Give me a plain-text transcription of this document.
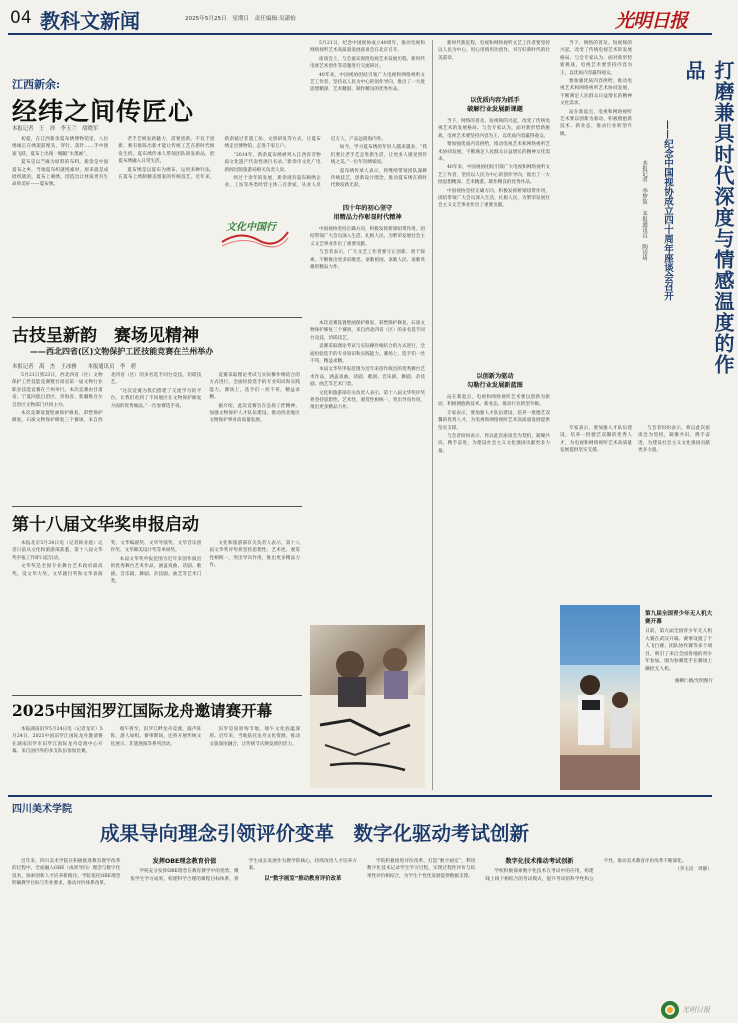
04 教科文新闻	2025年5月25日　星期日　责任编辑:吴潇怡	光明日报
江西新余:
经纬之间传匠心
本报记者　王　沛　李玉兰　胡晓军

初夏，在江西新余夏布绣博物馆里，八位绣娘正在绣架前埋头，穿针、落针……手中图案飞跃，夏布上出现一幅幅“水墨画”。

夏布是以苎麻为原料的布料。新余是中国夏布之乡，当地夏布织就纯素时，原来就是成批织就的，夏布上刺绣，创造出让材质更有生命的美好——夏布绣。

老手艺焕发新魅力，需要创新。不仅于创新，唯有推陈出新才能让传统工艺在新时代焕发生机。夏布绣传承人带领团队研发新品，把夏布绣融入日常生活。

夏布绣是以夏布为绣布，运用多种针法，在夏布上绣制精美图案的传统技艺。近年来，新余通过非遗工坊、文创研发等方式，让夏布绣走出博物馆、走进千家万户。

“2014年，新余夏布绣被列入江西省非物质文化遗产代表性项目名录。”新余市文化广电新闻出版旅游局相关负责人说。

经过十余年的发展，新余现有夏布刺绣企业、工坊等各类经营主体三百余家，从业人员近万人，产品远销海内外。

如今，学习夏布绣的年轻人越来越多。“我们要让老手艺走进新生活，让更多人感受到传统之美。”一位年轻绣娘说。

夏布绣传承人表示，将继续带领团队深耕传统技艺，创新设计理念，推动夏布绣在新时代焕发新光彩。

文化中国行
古技呈新韵　赛场见精神
——西北四省(区)文物保护工匠技能竞赛在兰州举办
本报记者　禹　杰　王冰雅　　本报通讯员　李　碧

5月21日到23日，西北四省（区）文物保护工匠技能竞赛暨甘肃省第一届文物行业职业技能竞赛在兰州举行。本次竞赛由甘肃省、宁夏回族自治区、青海省、新疆维吾尔自治区文物部门共同主办。

本次竞赛设置壁画保护修复、彩塑保护修复、石质文物保护修复三个赛项，来自西北四省（区）的多名选手同台竞技，切磋技艺。

“这次竞赛为我们搭建了交流学习的平台，让我们看到了不同地区在文物保护修复方面的优秀做法。”一位参赛选手说。

竞赛采取理论考试与实际操作相结合的方式进行，全面检验选手的专业知识和实践能力。赛场上，选手们一丝不苟，精益求精。

据介绍，此次竞赛旨在弘扬工匠精神，加强文物保护人才队伍建设，推动西北地区文物保护事业高质量发展。

第十八届文华奖申报启动

本报北京5月24日电（记者韩业庭）记者日前从文化和旅游部获悉，第十八届文华奖申报工作即日起启动。

文华奖是全国专业舞台艺术政府最高奖，设文华大奖、文华剧目奖和文华表演奖、文华编剧奖、文华导演奖、文华音乐创作奖、文华舞美设计奖等单项奖。

本届文华奖申报范围为近年来创作演出的优秀舞台艺术作品，涵盖戏曲、话剧、歌剧、音乐剧、舞剧、杂技剧、曲艺等艺术门类。

文化和旅游部有关负责人表示，第十八届文华奖评奖将坚持思想性、艺术性、观赏性相统一，突出导向作用，推出更多精品力作。

本次竞赛设置壁画保护修复、彩塑保护修复、石质文物保护修复三个赛项，来自西北四省（区）的多名选手同台竞技，切磋技艺。

竞赛采取理论考试与实际操作相结合的方式进行，全面检验选手的专业知识和实践能力。赛场上，选手们一丝不苟，精益求精。

本届文华奖申报范围为近年来创作演出的优秀舞台艺术作品，涵盖戏曲、话剧、歌剧、音乐剧、舞剧、杂技剧、曲艺等艺术门类。

文化和旅游部有关负责人表示，第十八届文华奖评奖将坚持思想性、艺术性、观赏性相统一，突出导向作用，推出更多精品力作。

2025中国汨罗江国际龙舟邀请赛开幕

本报湖南汨罗5月24日电（记者龙军）5月24日，2025中国汨罗江国际龙舟邀请赛在湖南汨罗市汨罗江国际龙舟竞渡中心开幕。来自国内外的多支队伍参加比赛。

端午将至，汨罗江畔龙舟竞渡，鼓声阵阵，游人如织。赛事期间，还将开展传统文化展示、非遗展演等系列活动。

汨罗是屈原殉节地，端午文化底蕴深厚。近年来，当地依托龙舟文化资源，推动文旅深度融合，让传统节庆焕发新的活力。

5月21日，纪念中国视协成立40周年，推动电视和网络视听艺术高质量发展座谈会在北京召开。

座谈会上，与会嘉宾围绕电视艺术发展历程、新时代电视艺术创作等话题进行交流研讨。

40年来，中国视协团结引领广大电视和网络视听文艺工作者，坚持以人民为中心的创作导向，推出了一大批思想精深、艺术精湛、制作精良的优秀作品。

四十年的初心坚守
用精品力作彰显时代精神

中国视协坚持正确方向，积极发挥桥梁纽带作用，团结带领广大会员深入生活、扎根人民，为繁荣发展社会主义文艺事业作出了重要贡献。

与会者表示，广大文艺工作者要守正创新、勇于探索，不断推出更多讴歌党、讴歌祖国、讴歌人民、讴歌英雄的精品力作。

新时代新征程，电视和网络视听文艺工作者要坚持以人民为中心，用心用情用功创作，书写好新时代的壮美篇章。

以优质内容为抓手
破解行业发展新课题

当下，网络的普及、短视频的兴起，改变了传统电视艺术的发展格局。与会专家认为，面对新形势新挑战，电视艺术要坚持内容为王，以优质内容赢得观众。

要加强优质内容供给，推动电视艺术和网络视听艺术协同发展，不断满足人民群众日益增长的精神文化需求。

40年来，中国视协团结引领广大电视和网络视听文艺工作者，坚持以人民为中心的创作导向，推出了一大批思想精深、艺术精湛、制作精良的优秀作品。

中国视协坚持正确方向，积极发挥桥梁纽带作用，团结带领广大会员深入生活、扎根人民，为繁荣发展社会主义文艺事业作出了重要贡献。

以创新为驱动
勾勒行业发展新蓝图

站在新起点，电视和网络视听艺术要以创新为驱动，积极拥抱新技术、新业态，推动行业转型升级。

专家表示，要加强人才队伍建设，培养一批德艺双馨的优秀人才，为电视和网络视听艺术高质量发展提供坚实支撑。

与会者纷纷表示，将以此次座谈会为契机，凝聚共识、携手奋进，为建设社会主义文化强国贡献更多力量。

当下，网络的普及、短视频的兴起，改变了传统电视艺术的发展格局。与会专家认为，面对新形势新挑战，电视艺术要坚持内容为王，以优质内容赢得观众。

要加强优质内容供给，推动电视艺术和网络视听艺术协同发展，不断满足人民群众日益增长的精神文化需求。

站在新起点，电视和网络视听艺术要以创新为驱动，积极拥抱新技术、新业态，推动行业转型升级。

专家表示，要加强人才队伍建设，培养一批德艺双馨的优秀人才，为电视和网络视听艺术高质量发展提供坚实支撑。

与会者纷纷表示，将以此次座谈会为契机，凝聚共识、携手奋进，为建设社会主义文化强国贡献更多力量。

打磨兼具时代深度与情感温度的作品
——纪念中国视协成立四十周年座谈会召开
本报记者　李梦笛　本报通讯员　陶诗琦
第九届全国青少年无人机大赛开幕
日前，第九届全国青少年无人机大赛在武汉开幕。赛事设置了个人飞行赛、团队协作赛等多个项目，吸引了来自全国各地的青少年参加。图为参赛选手在赛场上操控无人机。
谢柳仁摄/光明图片
四川美术学院
成果导向理念引领评价变革　数字化驱动考试创新

近年来，四川美术学院在积极推进教育教学改革的过程中，全面融入OBE（成果导向）理念与数字化技术，探索创新人才培养新路径。学院依托OBE理念明确教学目标与毕业要求，推动评价体系改革。

发挥OBE理念教育价值

学校充分发挥OBE理念在教育教学中的优势，聚焦学生学习成果，构建科学合理的课程目标体系，将学生成长发展作为教学的核心，持续改进人才培养方案。

以“数字画室”推动教育评价改革

学院积极推进评价改革，打造“数字画室”，利用数字化技术记录学生学习过程，实现过程性评价与结果性评价相结合，为学生个性化发展提供数据支撑。

数字化技术推动考试创新

学校积极探索数字化技术在考试中的应用，构建线上线下相结合的考试模式，提升考试的科学性和公平性，推动美术教育评价改革不断深化。

（李玉洁　周静）

光明日报
